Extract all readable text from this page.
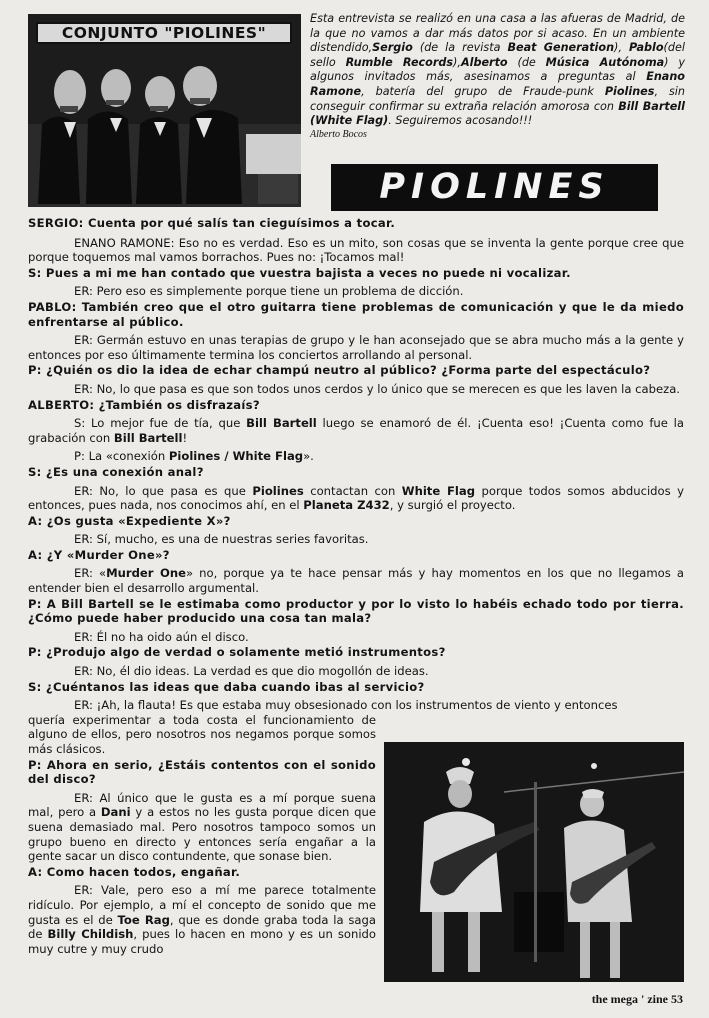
CONJUNTO "PIOLINES"
Esta entrevista se realizó en una casa a las afueras de Madrid, de la que no vamos a dar más datos por si acaso. En un ambiente distendido,Sergio (de la revista Beat Generation), Pablo(del sello Rumble Records),Alberto (de Música Autónoma) y algunos invitados más, asesinamos a preguntas al Enano Ramone, batería del grupo de Fraude-punk Piolines, sin conseguir confirmar su extraña relación amorosa con Bill Bartell (White Flag). Seguiremos acosando!!!
Alberto Bocos
PIOLINES

SERGIO: Cuenta por qué salís tan cieguísimos a tocar.

ENANO RAMONE: Eso no es verdad. Eso es un mito, son cosas que se inventa la gente porque cree que porque toquemos mal vamos borrachos. Pues no: ¡Tocamos mal!

S: Pues a mi me han contado que vuestra bajista a veces no puede ni vocalizar.

ER: Pero eso es simplemente porque tiene un problema de dicción.

PABLO: También creo que el otro guitarra tiene problemas de comunicación y que le da miedo enfrentarse al público.

ER: Germán estuvo en unas terapias de grupo y le han aconsejado que se abra mucho más a la gente y entonces por eso últimamente termina los conciertos arrollando al personal.

P: ¿Quién os dio la idea de echar champú neutro al público? ¿Forma parte del espectáculo?

ER: No, lo que pasa es que son todos unos cerdos y lo único que se merecen es que les laven la cabeza.

ALBERTO: ¿También os disfrazaís?

S: Lo mejor fue de tía, que Bill Bartell luego se enamoró de él. ¡Cuenta eso! ¡Cuenta como fue la grabación con Bill Bartell!

P: La «conexión Piolines / White Flag».

S: ¿Es una conexión anal?

ER: No, lo que pasa es que Piolines contactan con White Flag porque todos somos abducidos y entonces, pues nada, nos conocimos ahí, en el Planeta Z432, y surgió el proyecto.

A: ¿Os gusta «Expediente X»?

ER: Sí, mucho, es una de nuestras series favoritas.

A: ¿Y «Murder One»?

ER: «Murder One» no, porque ya te hace pensar más y hay momentos en los que no llegamos a entender bien el desarrollo argumental.

P: A Bill Bartell se le estimaba como productor y por lo visto lo habéis echado todo por tierra. ¿Cómo puede haber producido una cosa tan mala?

ER: Él no ha oido aún el disco.

P: ¿Produjo algo de verdad o solamente metió instrumentos?

ER: No, él dio ideas. La verdad es que dio mogollón de ideas.

S: ¿Cuéntanos las ideas que daba cuando ibas al servicio?

ER: ¡Ah, la flauta! Es que estaba muy obsesionado con los instrumentos de viento y entonces

quería experimentar a toda costa el funcionamiento de alguno de ellos, pero nosotros nos negamos porque somos más clásicos.

P: Ahora en serio, ¿Estáis contentos con el sonido del disco?

ER: Al único que le gusta es a mí porque suena mal, pero a Dani y a estos no les gusta porque dicen que suena demasiado mal. Pero nosotros tampoco somos un grupo bueno en directo y entonces sería engañar a la gente sacar un disco contundente, que sonase bien.

A: Como hacen todos, engañar.

ER: Vale, pero eso a mí me parece totalmente ridículo. Por ejemplo, a mí el concepto de sonido que me gusta es el de Toe Rag, que es donde graba toda la saga de Billy Childish, pues lo hacen en mono y es un sonido muy cutre y muy crudo

the mega ' zine 53
